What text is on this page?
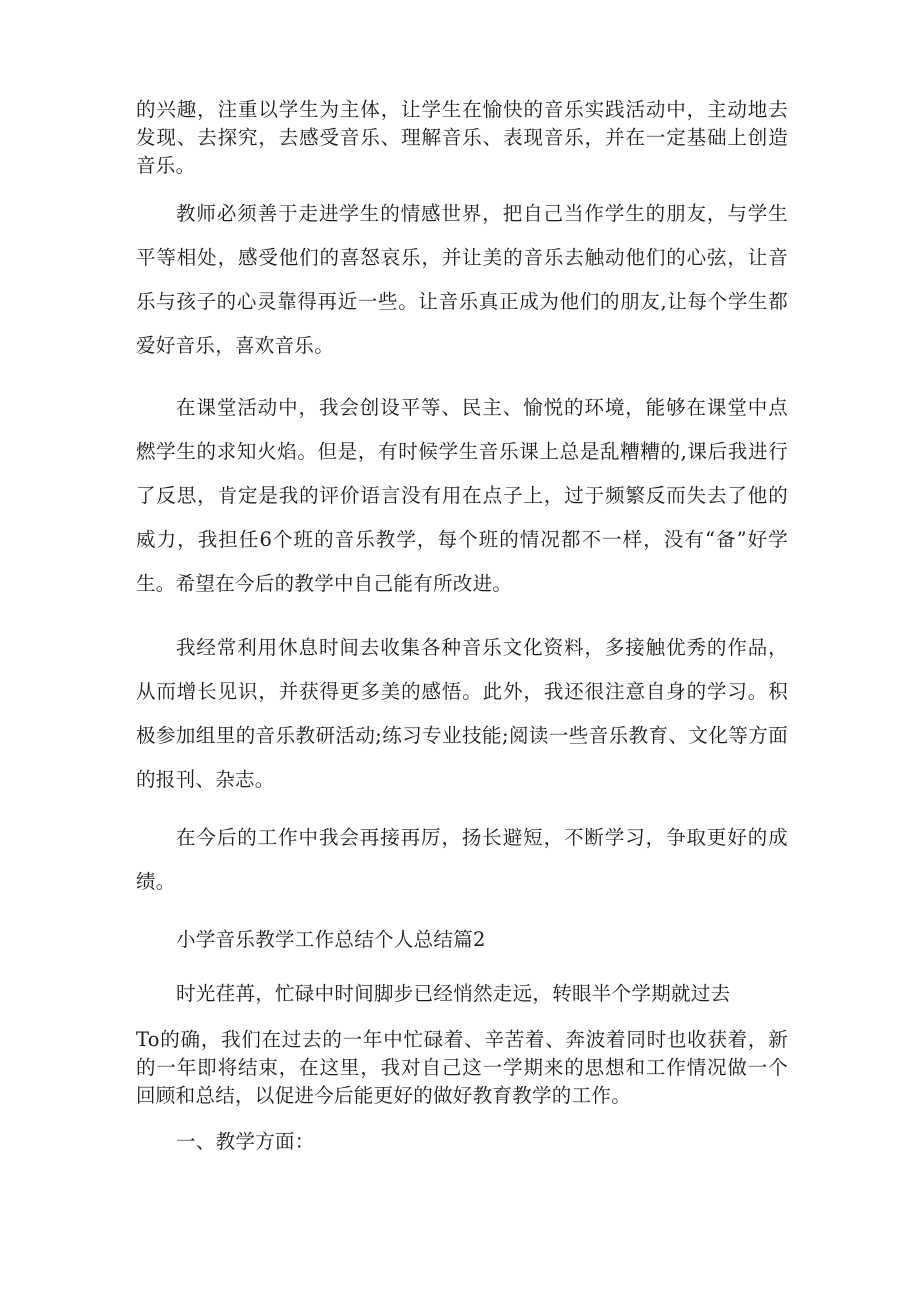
的兴趣，注重以学生为主体，让学生在愉快的音乐实践活动中，主动地去发现、去探究，去感受音乐、理解音乐、表现音乐，并在一定基础上创造音乐。

教师必须善于走进学生的情感世界，把自己当作学生的朋友，与学生平等相处，感受他们的喜怒哀乐，并让美的音乐去触动他们的心弦，让音乐与孩子的心灵靠得再近一些。让音乐真正成为他们的朋友,让每个学生都爱好音乐，喜欢音乐。

在课堂活动中，我会创设平等、民主、愉悦的环境，能够在课堂中点燃学生的求知火焰。但是，有时候学生音乐课上总是乱糟糟的,课后我进行了反思，肯定是我的评价语言没有用在点子上，过于频繁反而失去了他的威力，我担任6个班的音乐教学，每个班的情况都不一样，没有“备”好学生。希望在今后的教学中自己能有所改进。

我经常利用休息时间去收集各种音乐文化资料，多接触优秀的作品，从而增长见识，并获得更多美的感悟。此外，我还很注意自身的学习。积极参加组里的音乐教研活动;练习专业技能;阅读一些音乐教育、文化等方面的报刊、杂志。

在今后的工作中我会再接再厉，扬长避短，不断学习，争取更好的成绩。

小学音乐教学工作总结个人总结篇2

时光荏苒，忙碌中时间脚步已经悄然走远，转眼半个学期就过去

To的确，我们在过去的一年中忙碌着、辛苦着、奔波着同时也收获着，新的一年即将结束，在这里，我对自己这一学期来的思想和工作情况做一个回顾和总结，以促进今后能更好的做好教育教学的工作。

一、教学方面：
